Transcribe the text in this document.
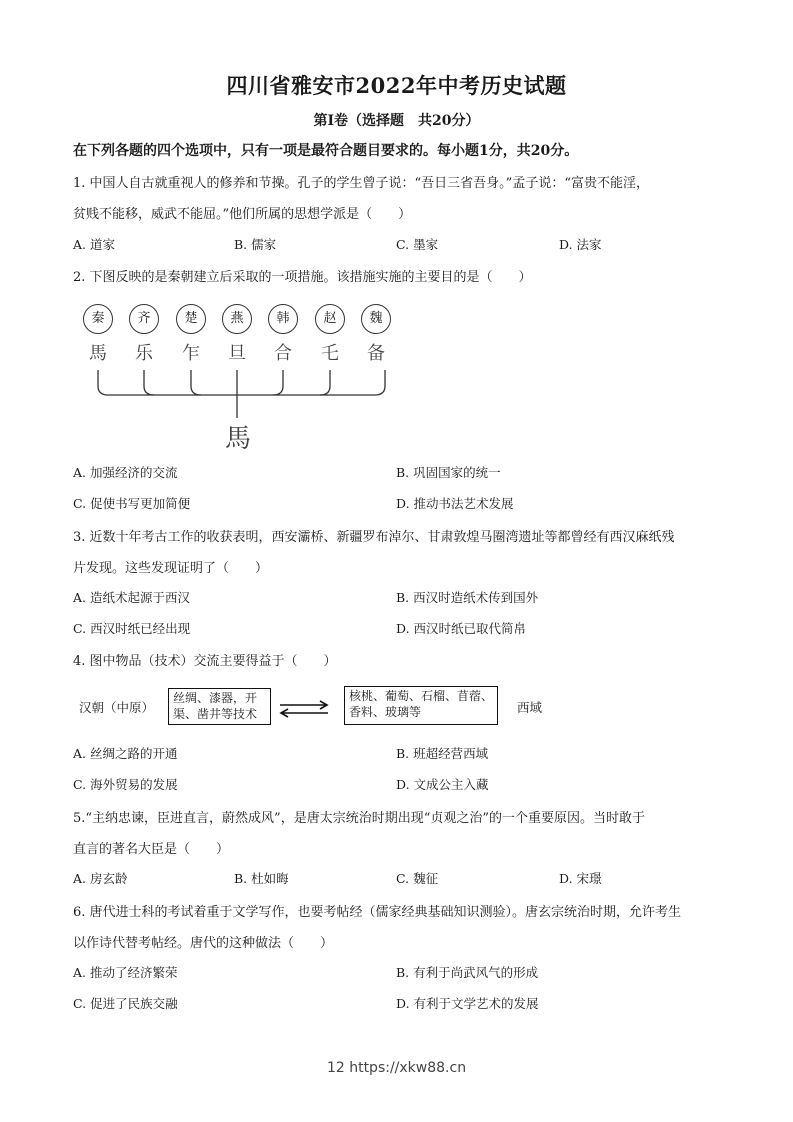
四川省雅安市2022年中考历史试题
第Ⅰ卷（选择题　共20分）
在下列各题的四个选项中，只有一项是最符合题目要求的。每小题1分，共20分。
1. 中国人自古就重视人的修养和节操。孔子的学生曾子说：“吾日三省吾身。”孟子说：“富贵不能淫，
贫贱不能移，威武不能屈。”他们所属的思想学派是（　　）
A. 道家	B. 儒家	C. 墨家	D. 法家
2. 下图反映的是秦朝建立后采取的一项措施。该措施实施的主要目的是（　　）
秦	齐	楚	燕	韩	赵	魏
馬	乐	乍	旦	合	乇	备
馬
A. 加强经济的交流	B. 巩固国家的统一
C. 促使书写更加简便	D. 推动书法艺术发展
3. 近数十年考古工作的收获表明，西安灞桥、新疆罗布淖尔、甘肃敦煌马圈湾遗址等都曾经有西汉麻纸残
片发现。这些发现证明了（　　）
A. 造纸术起源于西汉	B. 西汉时造纸术传到国外
C. 西汉时纸已经出现	D. 西汉时纸已取代简帛
4. 图中物品（技术）交流主要得益于（　　）
汉朝（中原）
丝绸、漆器，开渠、凿井等技术
核桃、葡萄、石榴、苜蓿、香料、玻璃等	西域
A. 丝绸之路的开通	B. 班超经营西域
C. 海外贸易的发展	D. 文成公主入藏
5.“主纳忠谏，臣进直言，蔚然成风”，是唐太宗统治时期出现“贞观之治”的一个重要原因。当时敢于
直言的著名大臣是（　　）
A. 房玄龄	B. 杜如晦	C. 魏征	D. 宋璟
6. 唐代进士科的考试着重于文学写作，也要考帖经（儒家经典基础知识测验）。唐玄宗统治时期，允许考生
以作诗代替考帖经。唐代的这种做法（　　）
A. 推动了经济繁荣	B. 有利于尚武风气的形成
C. 促进了民族交融	D. 有利于文学艺术的发展
12 https://xkw88.cn
